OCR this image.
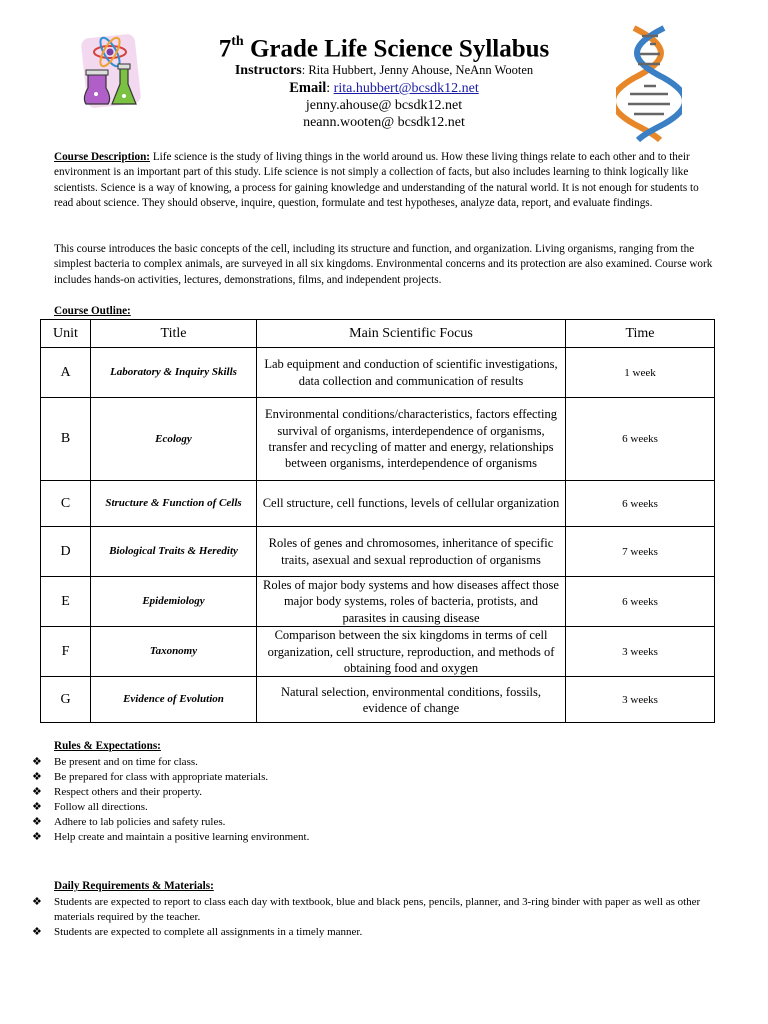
7th Grade Life Science Syllabus
Instructors: Rita Hubbert, Jenny Ahouse, NeAnn Wooten
Email: rita.hubbert@bcsdk12.net
jenny.ahouse@ bcsdk12.net
neann.wooten@ bcsdk12.net
Course Description: Life science is the study of living things in the world around us. How these living things relate to each other and to their environment is an important part of this study. Life science is not simply a collection of facts, but also includes learning to think logically like scientists. Science is a way of knowing, a process for gaining knowledge and understanding of the natural world. It is not enough for students to read about science. They should observe, inquire, question, formulate and test hypotheses, analyze data, report, and evaluate findings.
This course introduces the basic concepts of the cell, including its structure and function, and organization. Living organisms, ranging from the simplest bacteria to complex animals, are surveyed in all six kingdoms. Environmental concerns and its protection are also examined. Course work includes hands-on activities, lectures, demonstrations, films, and independent projects.
Course Outline:
Unit	Title	Main Scientific Focus	Time
A	Laboratory & Inquiry Skills	Lab equipment and conduction of scientific investigations, data collection and communication of results	1 week
B	Ecology	Environmental conditions/characteristics, factors effecting survival of organisms, interdependence of organisms, transfer and recycling of matter and energy, relationships between organisms, interdependence of organisms	6 weeks
C	Structure & Function of Cells	Cell structure, cell functions, levels of cellular organization	6 weeks
D	Biological Traits & Heredity	Roles of genes and chromosomes, inheritance of specific traits, asexual and sexual reproduction of organisms	7 weeks
E	Epidemiology	Roles of major body systems and how diseases affect those major body systems, roles of bacteria, protists, and parasites in causing disease	6 weeks
F	Taxonomy	Comparison between the six kingdoms in terms of cell organization, cell structure, reproduction, and methods of obtaining food and oxygen	3 weeks
G	Evidence of Evolution	Natural selection, environmental conditions, fossils, evidence of change	3 weeks
Rules & Expectations:
❖ Be present and on time for class.
❖ Be prepared for class with appropriate materials.
❖ Respect others and their property.
❖ Follow all directions.
❖ Adhere to lab policies and safety rules.
❖ Help create and maintain a positive learning environment.
Daily Requirements & Materials:
❖ Students are expected to report to class each day with textbook, blue and black pens, pencils, planner, and 3-ring binder with paper as well as other materials required by the teacher.
❖ Students are expected to complete all assignments in a timely manner.
